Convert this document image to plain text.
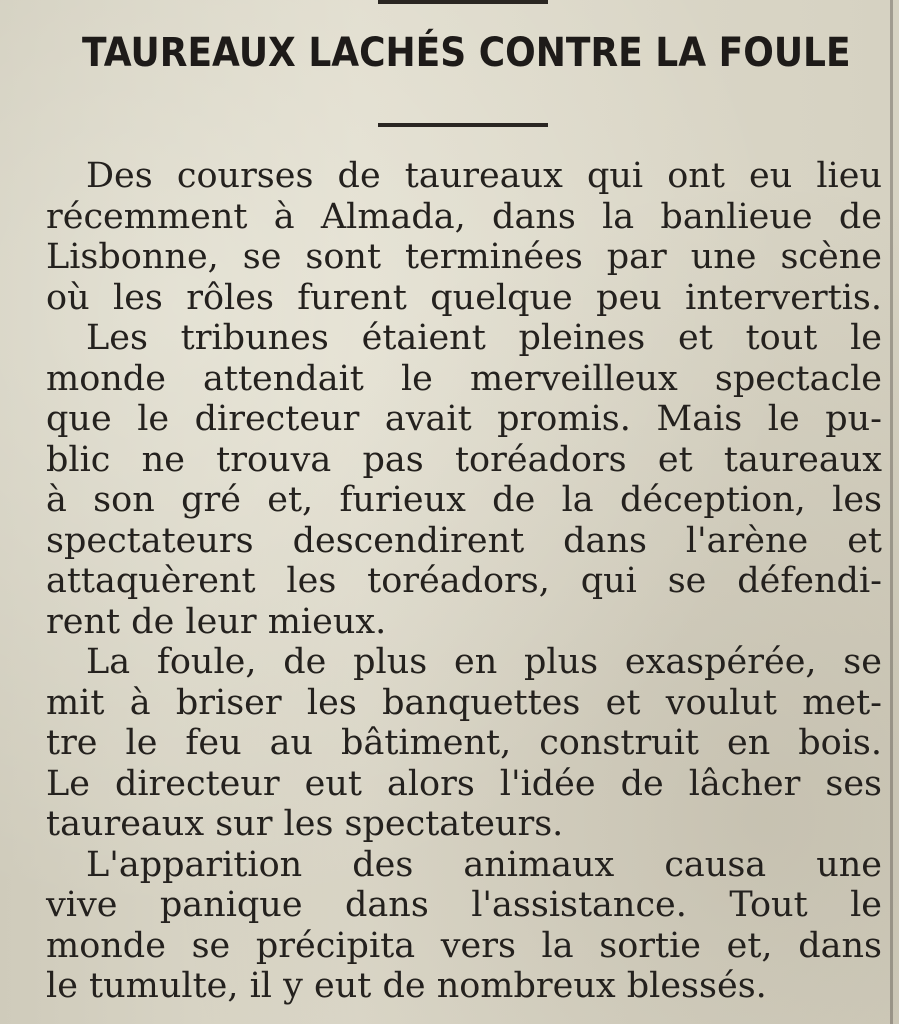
TAUREAUX LACHÉS CONTRE LA FOULE
Des courses de taureaux qui ont eu lieu
récemment à Almada, dans la banlieue de
Lisbonne, se sont terminées par une scène
où les rôles furent quelque peu intervertis.
Les tribunes étaient pleines et tout le
monde attendait le merveilleux spectacle
que le directeur avait promis. Mais le pu-
blic ne trouva pas toréadors et taureaux
à son gré et, furieux de la déception, les
spectateurs descendirent dans l'arène et
attaquèrent les toréadors, qui se défendi-
rent de leur mieux.
La foule, de plus en plus exaspérée, se
mit à briser les banquettes et voulut met-
tre le feu au bâtiment, construit en bois.
Le directeur eut alors l'idée de lâcher ses
taureaux sur les spectateurs.
L'apparition des animaux causa une
vive panique dans l'assistance. Tout le
monde se précipita vers la sortie et, dans
le tumulte, il y eut de nombreux blessés.
